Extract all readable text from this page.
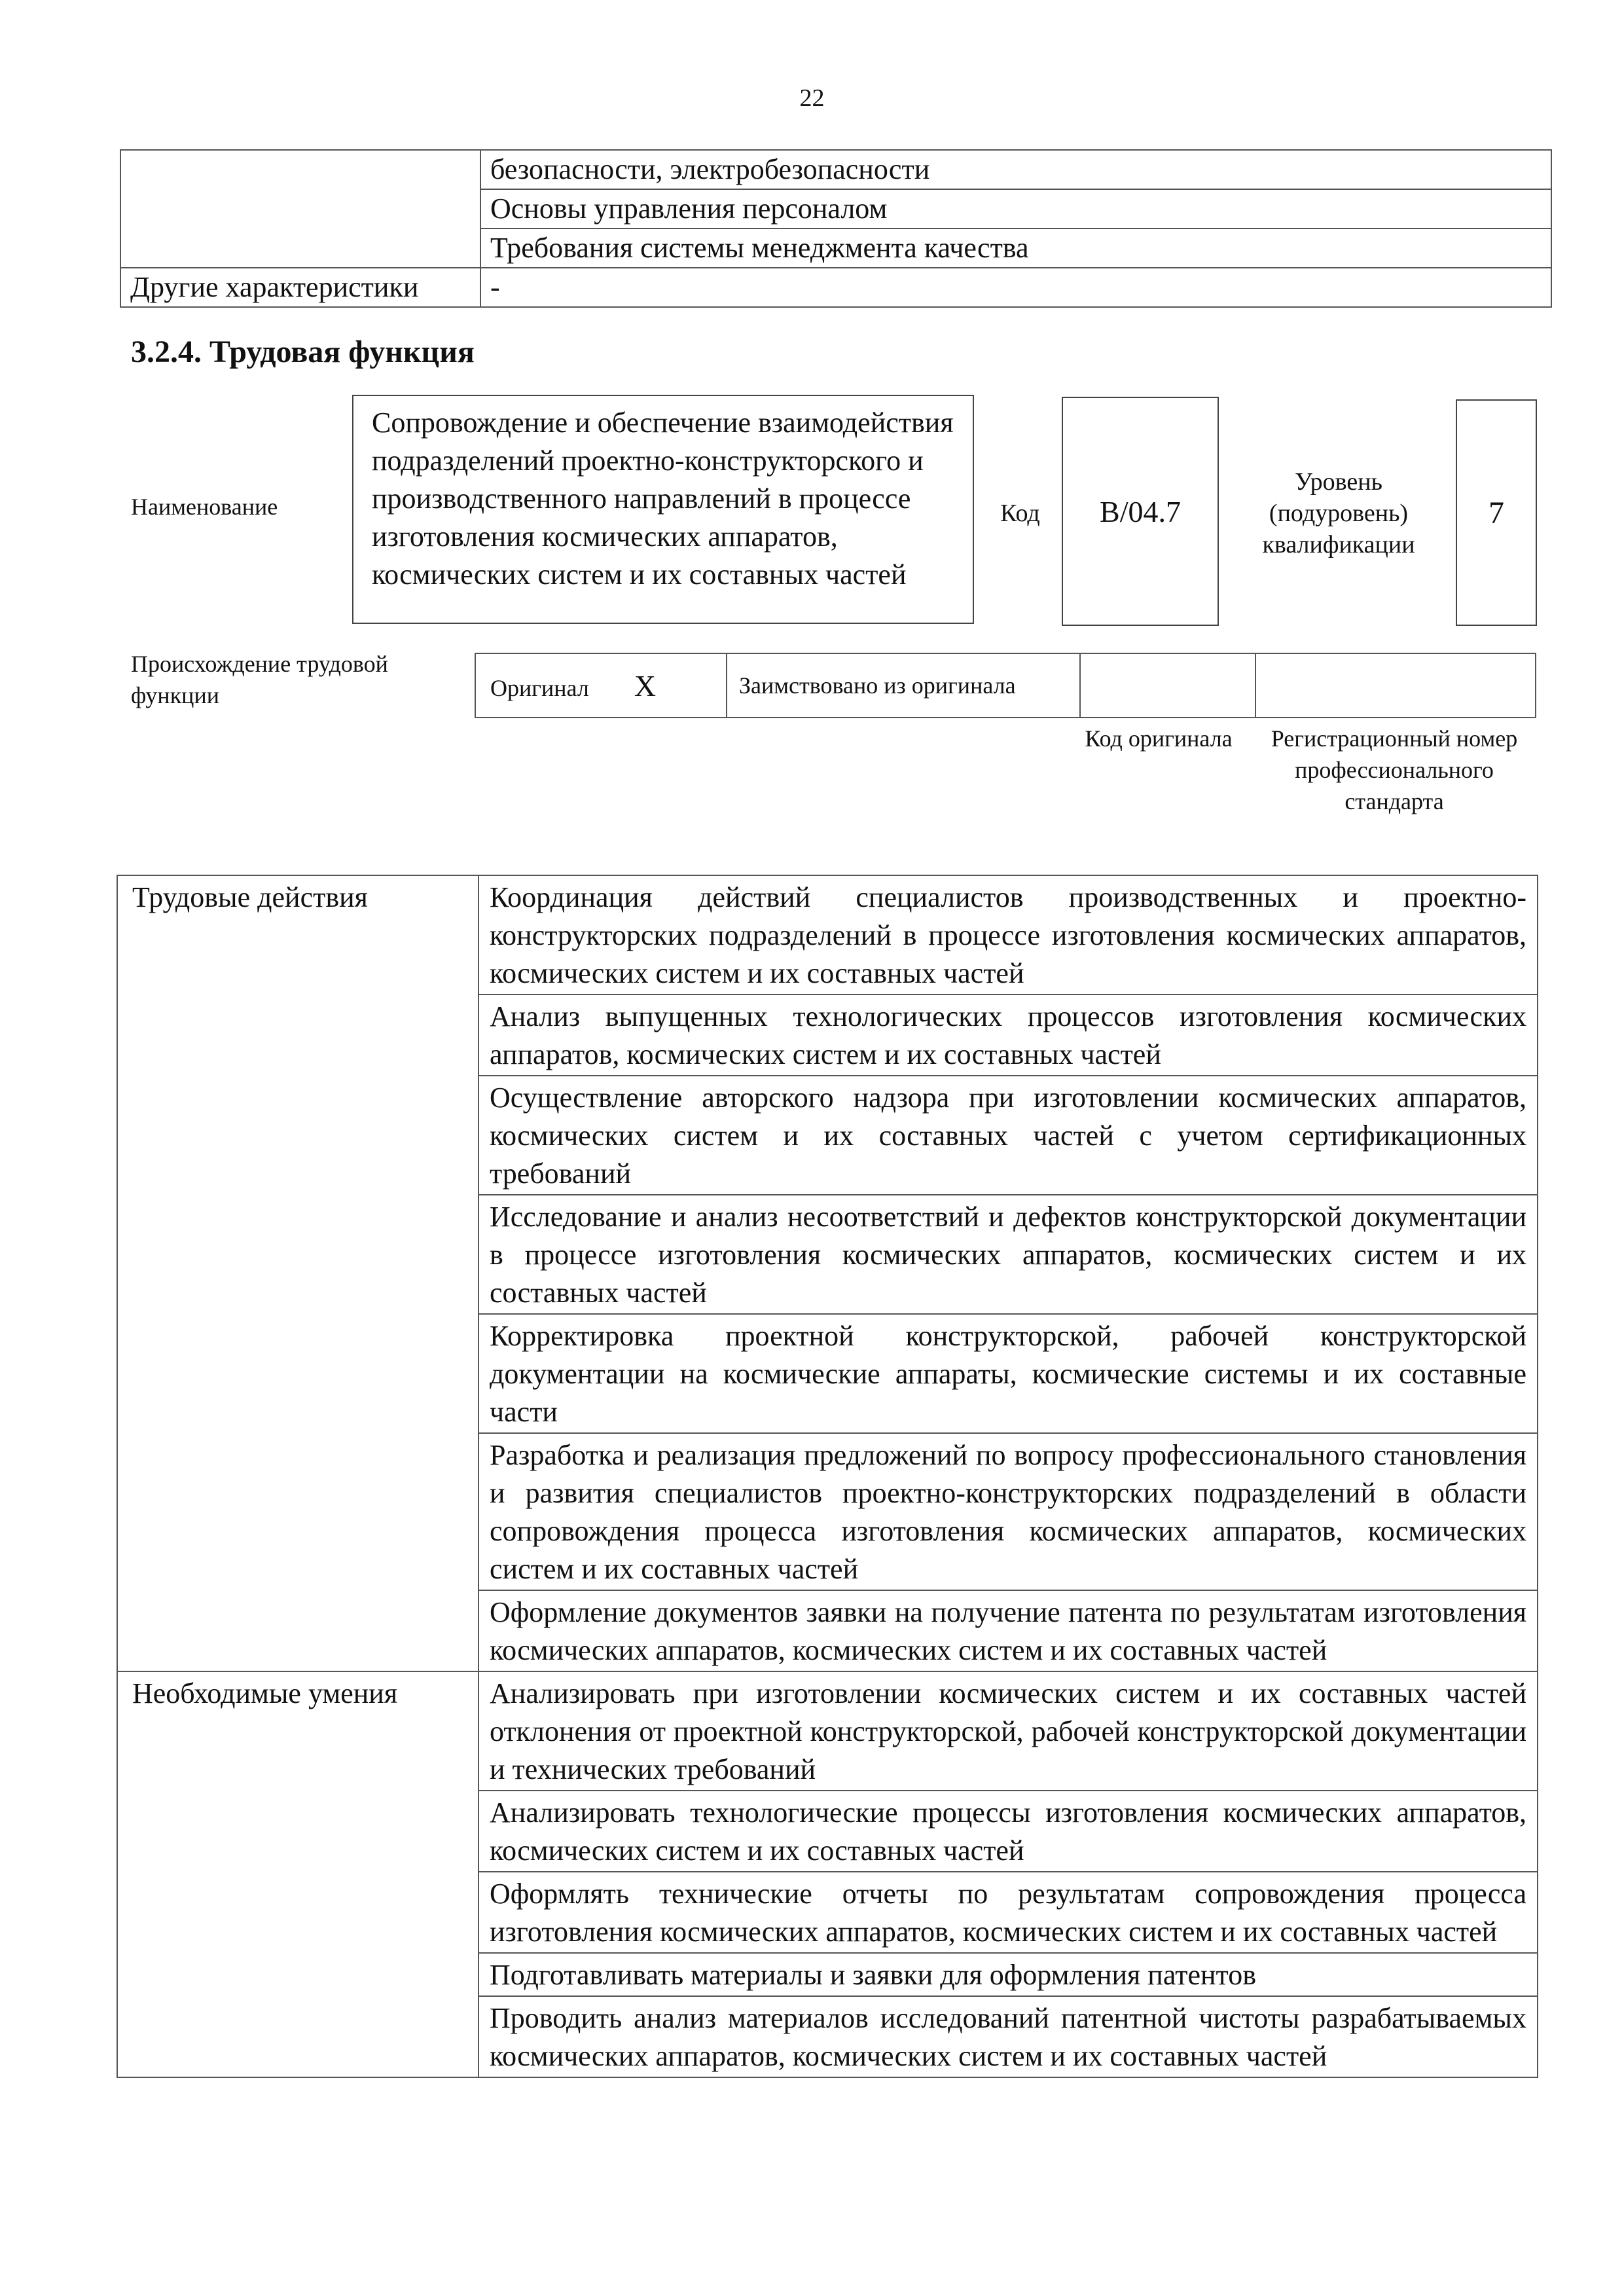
22
	безопасности, электробезопасности
	Основы управления персоналом
	Требования системы менеджмента качества
Другие характеристики	-
3.2.4. Трудовая функция
Наименование
Сопровождение и обеспечение взаимодействия подразделений проектно-конструкторского и производственного направлений в процессе изготовления космических аппаратов, космических систем и их составных частей
Код B/04.7
Уровень (подуровень) квалификации
7
Происхождение трудовой функции	Оригинал X	Заимствовано из оригинала		
Код оригинала	Регистрационный номер профессионального стандарта
Трудовые действия	Координация действий специалистов производственных и проектно-конструкторских подразделений в процессе изготовления космических аппаратов, космических систем и их составных частей
	Анализ выпущенных технологических процессов изготовления космических аппаратов, космических систем и их составных частей
	Осуществление авторского надзора при изготовлении космических аппаратов, космических систем и их составных частей с учетом сертификационных требований
	Исследование и анализ несоответствий и дефектов конструкторской документации в процессе изготовления космических аппаратов, космических систем и их составных частей
	Корректировка проектной конструкторской, рабочей конструкторской документации на космические аппараты, космические системы и их составные части
	Разработка и реализация предложений по вопросу профессионального становления и развития специалистов проектно-конструкторских подразделений в области сопровождения процесса изготовления космических аппаратов, космических систем и их составных частей
	Оформление документов заявки на получение патента по результатам изготовления космических аппаратов, космических систем и их составных частей
Необходимые умения	Анализировать при изготовлении космических систем и их составных частей отклонения от проектной конструкторской, рабочей конструкторской документации и технических требований
	Анализировать технологические процессы изготовления космических аппаратов, космических систем и их составных частей
	Оформлять технические отчеты по результатам сопровождения процесса изготовления космических аппаратов, космических систем и их составных частей
	Подготавливать материалы и заявки для оформления патентов
	Проводить анализ материалов исследований патентной чистоты разрабатываемых космических аппаратов, космических систем и их составных частей
